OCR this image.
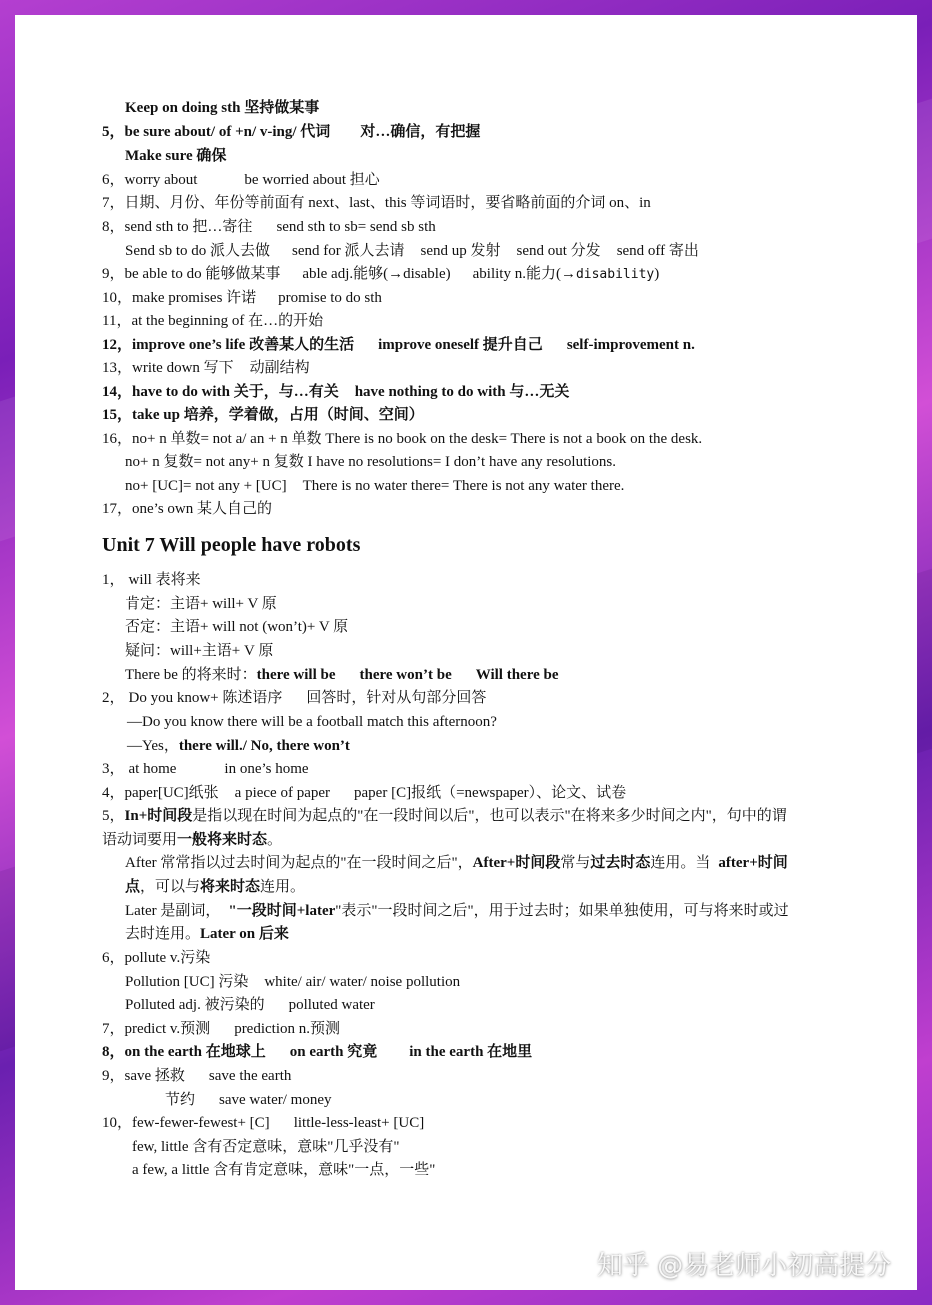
Keep on doing sth 坚持做某事
5，be sure about/ of +n/ v-ing/ 代词 对…确信，有把握
Make sure 确保
6，worry about	be worried about 担心
7，日期、月份、年份等前面有 next、last、this 等词语时，要省略前面的介词 on、in
8，send sth to 把…寄往 send sth to sb= send sb sth
Send sb to do 派人去做 send for 派人去请 send up 发射 send out 分发 send off 寄出
9，be able to do 能够做某事 able adj.能够(→disable) ability n.能力(→disability)
10，make promises 许诺 promise to do sth
11，at the beginning of 在…的开始
12，improve one’s life 改善某人的生活 improve oneself 提升自己 self-improvement n.
13，write down 写下 动副结构
14，have to do with 关于，与…有关 have nothing to do with 与…无关
15，take up 培养，学着做，占用（时间、空间）
16，no+ n 单数= not a/ an + n 单数 There is no book on the desk= There is not a book on the desk.
no+ n 复数= not any+ n 复数 I have no resolutions= I don’t have any resolutions.
no+ [UC]= not any + [UC] There is no water there= There is not any water there.
17，one’s own 某人自己的
Unit 7 Will people have robots
1， will 表将来
肯定：主语+ will+ V 原
否定：主语+ will not (won’t)+ V 原
疑问：will+主语+ V 原
There be 的将来时：there will be there won’t be Will there be
2， Do you know+ 陈述语序 回答时，针对从句部分回答
—Do you know there will be a football match this afternoon?
—Yes，there will./ No, there won’t
3， at home	in one’s home
4，paper[UC]纸张 a piece of paper paper [C]报纸（=newspaper）、论文、试卷
5，In+时间段是指以现在时间为起点的"在一段时间以后"，也可以表示"在将来多少时间之内"，句中的谓
语动词要用一般将来时态。
After 常常指以过去时间为起点的"在一段时间之后"，After+时间段常与过去时态连用。当 after+时间
点，可以与将来时态连用。
Later 是副词， "一段时间+later"表示"一段时间之后"，用于过去时；如果单独使用，可与将来时或过
去时连用。Later on 后来
6，pollute v.污染
Pollution [UC] 污染 white/ air/ water/ noise pollution
Polluted adj. 被污染的 polluted water
7，predict v.预测 prediction n.预测
8，on the earth 在地球上 on earth 究竟 in the earth 在地里
9，save 拯救 save the earth
节约 save water/ money
10，few-fewer-fewest+ [C] little-less-least+ [UC]
few, little 含有否定意味，意味"几乎没有"
a few, a little 含有肯定意味，意味"一点，一些"
知乎 @易老师小初高提分
